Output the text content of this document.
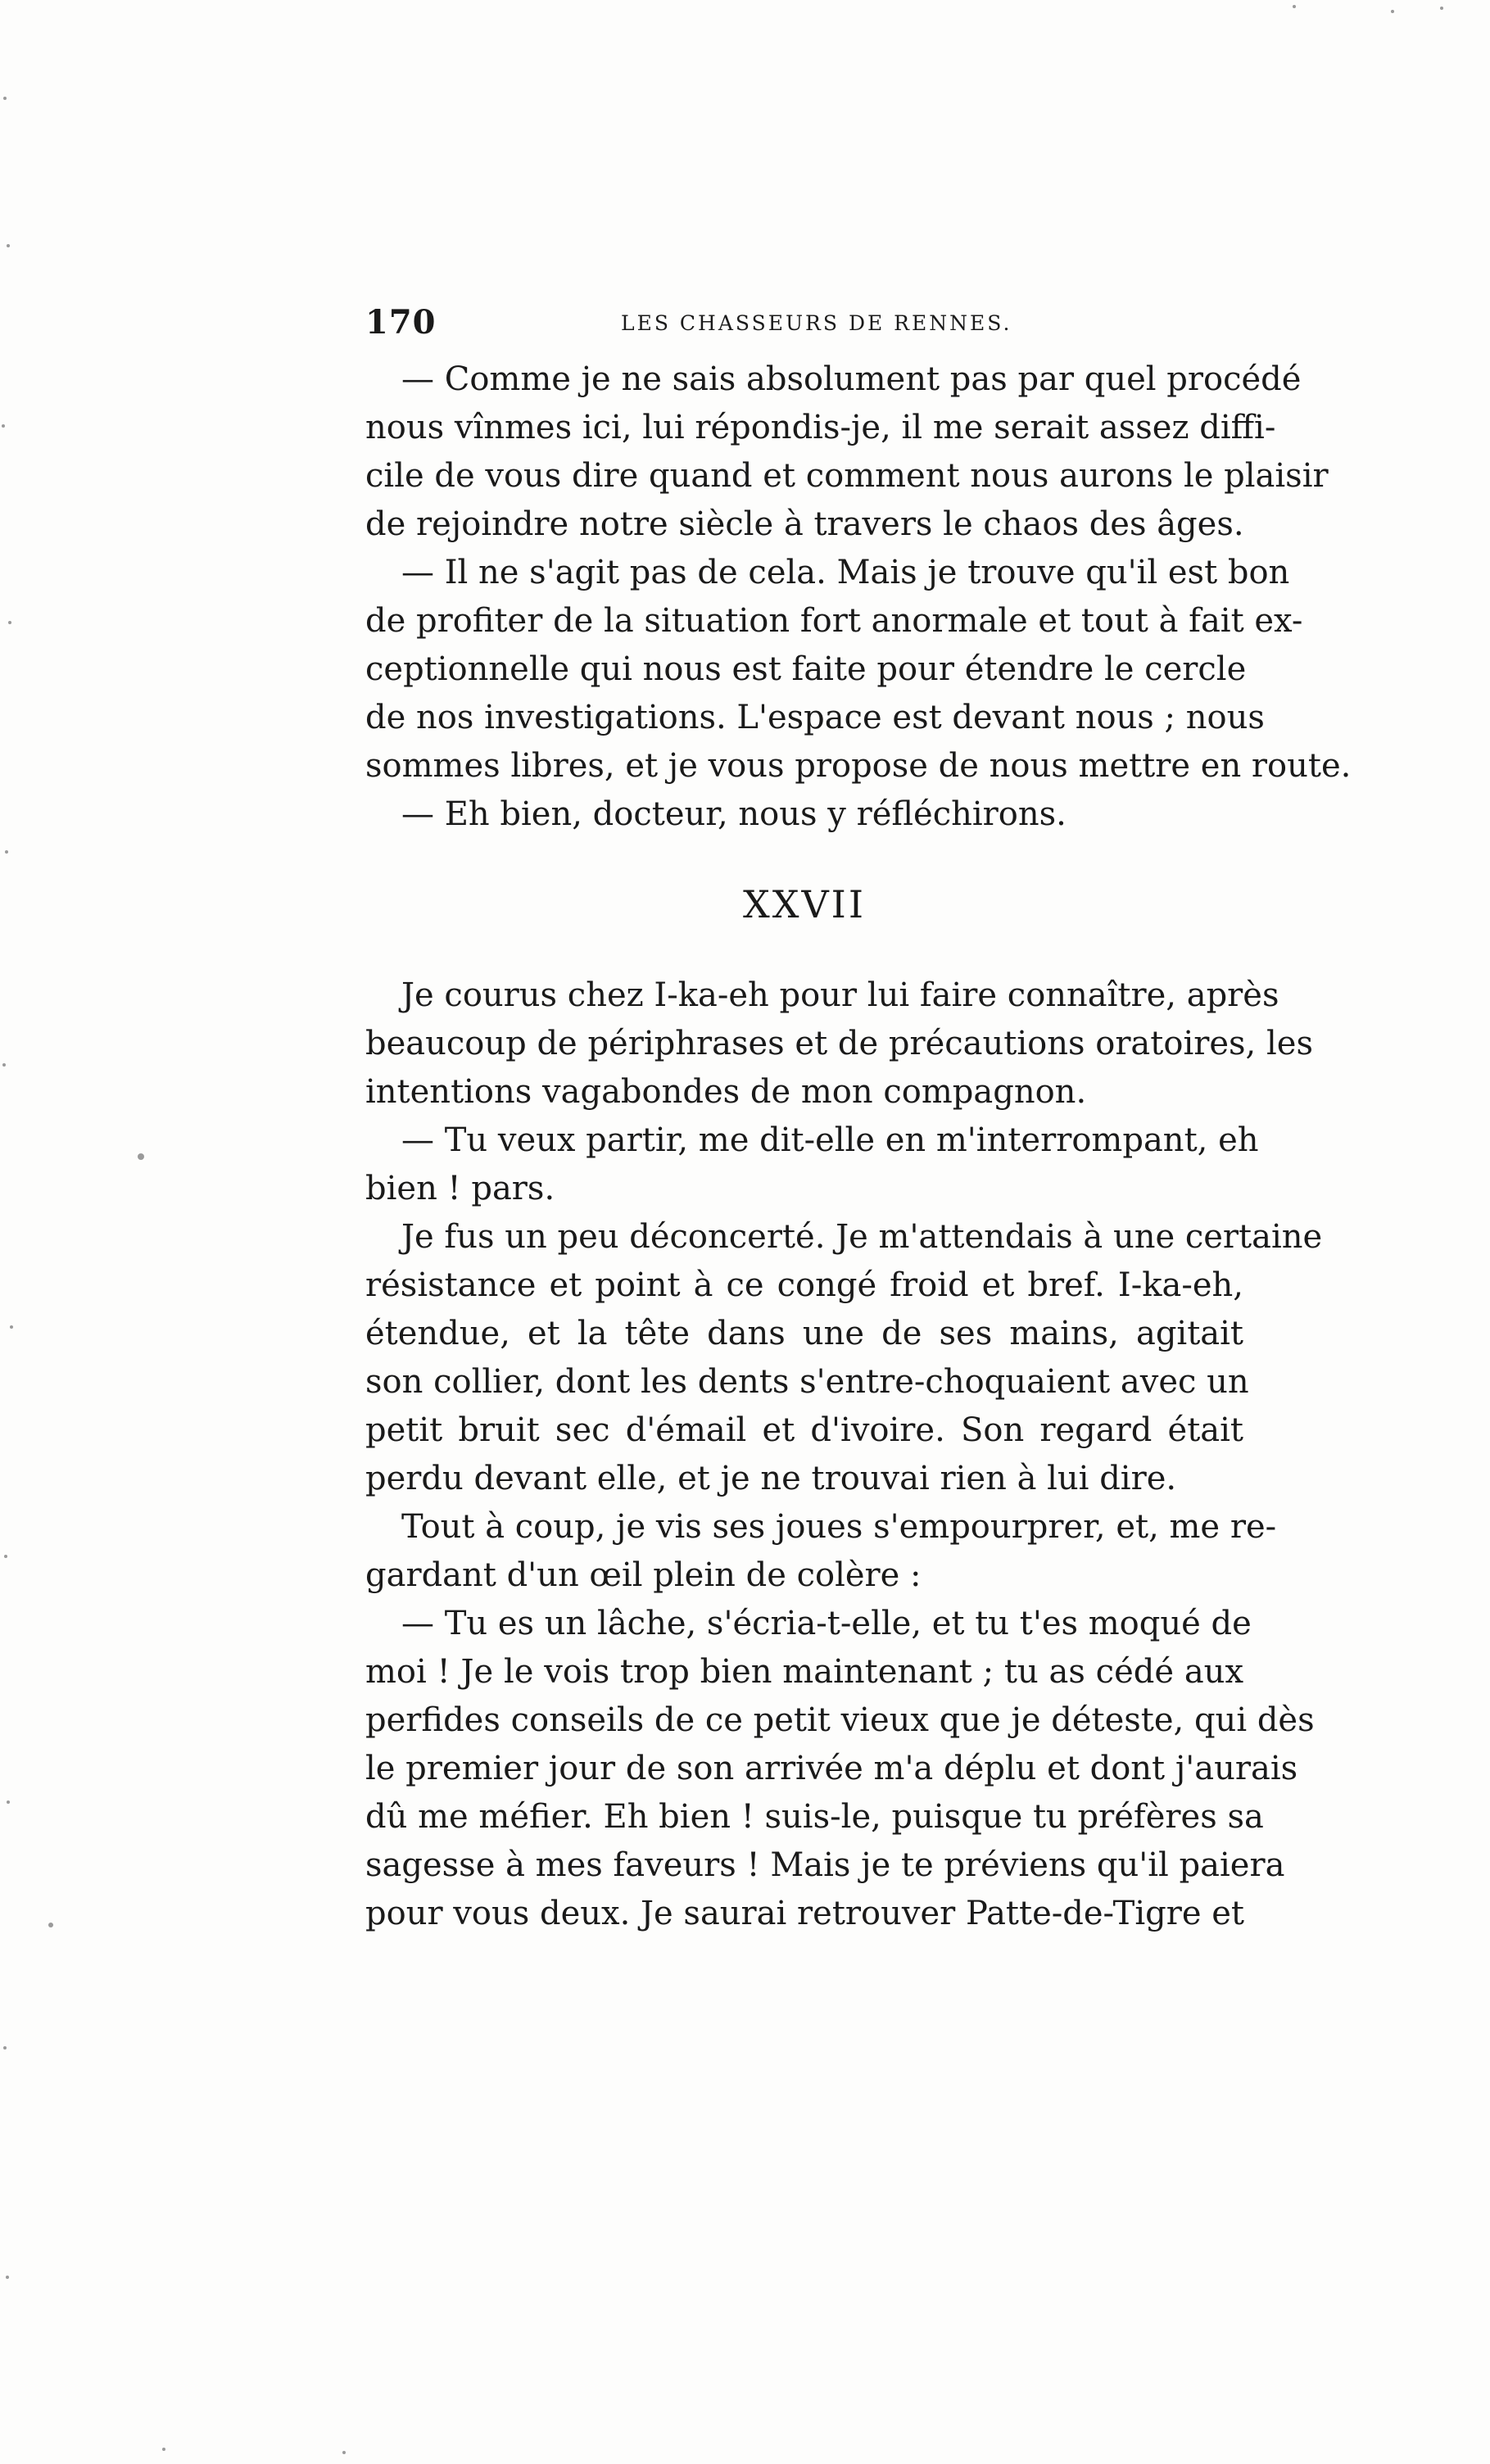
170	LES CHASSEURS DE RENNES.
— Comme je ne sais absolument pas par quel procédé
nous vînmes ici, lui répondis-je, il me serait assez diffi-
cile de vous dire quand et comment nous aurons le plaisir
de rejoindre notre siècle à travers le chaos des âges.
— Il ne s'agit pas de cela. Mais je trouve qu'il est bon
de profiter de la situation fort anormale et tout à fait ex-
ceptionnelle qui nous est faite pour étendre le cercle
de nos investigations. L'espace est devant nous ; nous
sommes libres, et je vous propose de nous mettre en route.
— Eh bien, docteur, nous y réfléchirons.
XXVII
Je courus chez I-ka-eh pour lui faire connaître, après
beaucoup de périphrases et de précautions oratoires, les
intentions vagabondes de mon compagnon.
— Tu veux partir, me dit-elle en m'interrompant, eh
bien ! pars.
Je fus un peu déconcerté. Je m'attendais à une certaine
résistance et point à ce congé froid et bref. I-ka-eh,
étendue, et la tête dans une de ses mains, agitait
son collier, dont les dents s'entre-choquaient avec un
petit bruit sec d'émail et d'ivoire. Son regard était
perdu devant elle, et je ne trouvai rien à lui dire.
Tout à coup, je vis ses joues s'empourprer, et, me re-
gardant d'un œil plein de colère :
— Tu es un lâche, s'écria-t-elle, et tu t'es moqué de
moi ! Je le vois trop bien maintenant ; tu as cédé aux
perfides conseils de ce petit vieux que je déteste, qui dès
le premier jour de son arrivée m'a déplu et dont j'aurais
dû me méfier. Eh bien ! suis-le, puisque tu préfères sa
sagesse à mes faveurs ! Mais je te préviens qu'il paiera
pour vous deux. Je saurai retrouver Patte-de-Tigre et
